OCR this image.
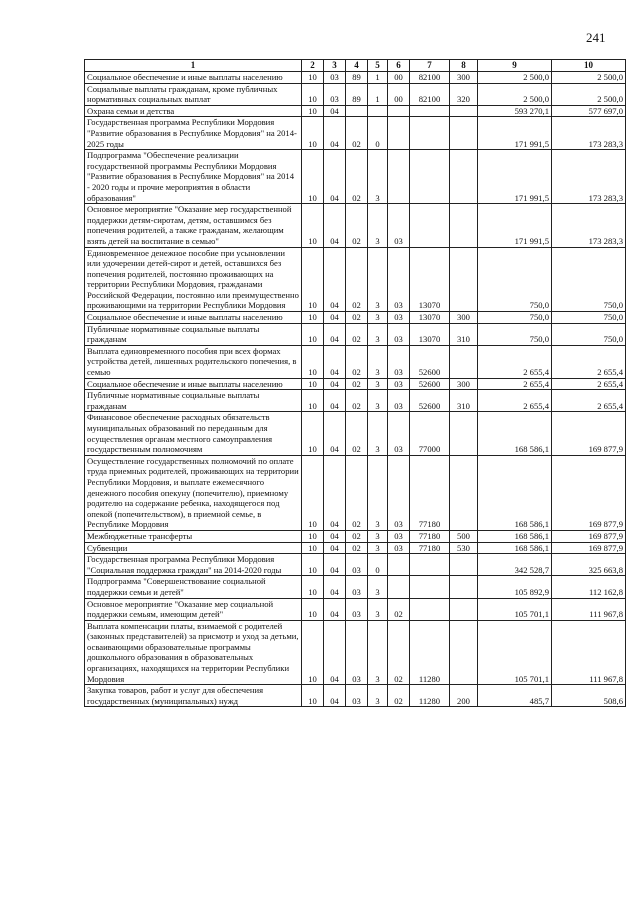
241
1	2	3	4	5	6	7	8	9	10
Социальное обеспечение и иные выплаты населению	10	03	89	1	00	82100	300	2 500,0	2 500,0
Социальные выплаты гражданам, кроме публичных нормативных социальных выплат	10	03	89	1	00	82100	320	2 500,0	2 500,0
Охрана семьи и детства	10	04						593 270,1	577 697,0
Государственная программа Республики Мордовия "Развитие образования в Республике Мордовия" на 2014-2025 годы	10	04	02	0				171 991,5	173 283,3
Подпрограмма "Обеспечение реализации государственной программы Республики Мордовия "Развитие образования в Республике Мордовия" на 2014 - 2020 годы и прочие мероприятия в области образования"	10	04	02	3				171 991,5	173 283,3
Основное мероприятие "Оказание мер государственной поддержки детям-сиротам, детям, оставшимся без попечения родителей, а также гражданам, желающим взять детей на воспитание в семью"	10	04	02	3	03			171 991,5	173 283,3
Единовременное денежное пособие при усыновлении или удочерении детей-сирот и детей, оставшихся без попечения родителей, постоянно проживающих на территории Республики Мордовия, гражданами Российской Федерации, постоянно или преимущественно проживающими на территории Республики Мордовия	10	04	02	3	03	13070		750,0	750,0
Социальное обеспечение и иные выплаты населению	10	04	02	3	03	13070	300	750,0	750,0
Публичные нормативные социальные выплаты гражданам	10	04	02	3	03	13070	310	750,0	750,0
Выплата единовременного пособия при всех формах устройства детей, лишенных родительского попечения, в семью	10	04	02	3	03	52600		2 655,4	2 655,4
Социальное обеспечение и иные выплаты населению	10	04	02	3	03	52600	300	2 655,4	2 655,4
Публичные нормативные социальные выплаты гражданам	10	04	02	3	03	52600	310	2 655,4	2 655,4
Финансовое обеспечение расходных обязательств муниципальных образований по переданным для осуществления органам местного самоуправления государственным полномочиям	10	04	02	3	03	77000		168 586,1	169 877,9
Осуществление государственных полномочий по оплате труда приемных родителей, проживающих на территории Республики Мордовия, и выплате ежемесячного денежного пособия опекуну (попечителю), приемному родителю на содержание ребенка, находящегося под опекой (попечительством), в приемной семье, в Республике Мордовия	10	04	02	3	03	77180		168 586,1	169 877,9
Межбюджетные трансферты	10	04	02	3	03	77180	500	168 586,1	169 877,9
Субвенции	10	04	02	3	03	77180	530	168 586,1	169 877,9
Государственная программа Республики Мордовия "Социальная поддержка граждан" на 2014-2020 годы	10	04	03	0				342 528,7	325 663,8
Подпрограмма "Совершенствование социальной поддержки семьи и детей"	10	04	03	3				105 892,9	112 162,8
Основное мероприятие "Оказание мер социальной поддержки семьям, имеющим детей"	10	04	03	3	02			105 701,1	111 967,8
Выплата компенсации платы, взимаемой с родителей (законных представителей) за присмотр и уход за детьми, осваивающими образовательные программы дошкольного образования в образовательных организациях, находящихся на территории Республики Мордовия	10	04	03	3	02	11280		105 701,1	111 967,8
Закупка товаров, работ и услуг для обеспечения государственных (муниципальных) нужд	10	04	03	3	02	11280	200	485,7	508,6
